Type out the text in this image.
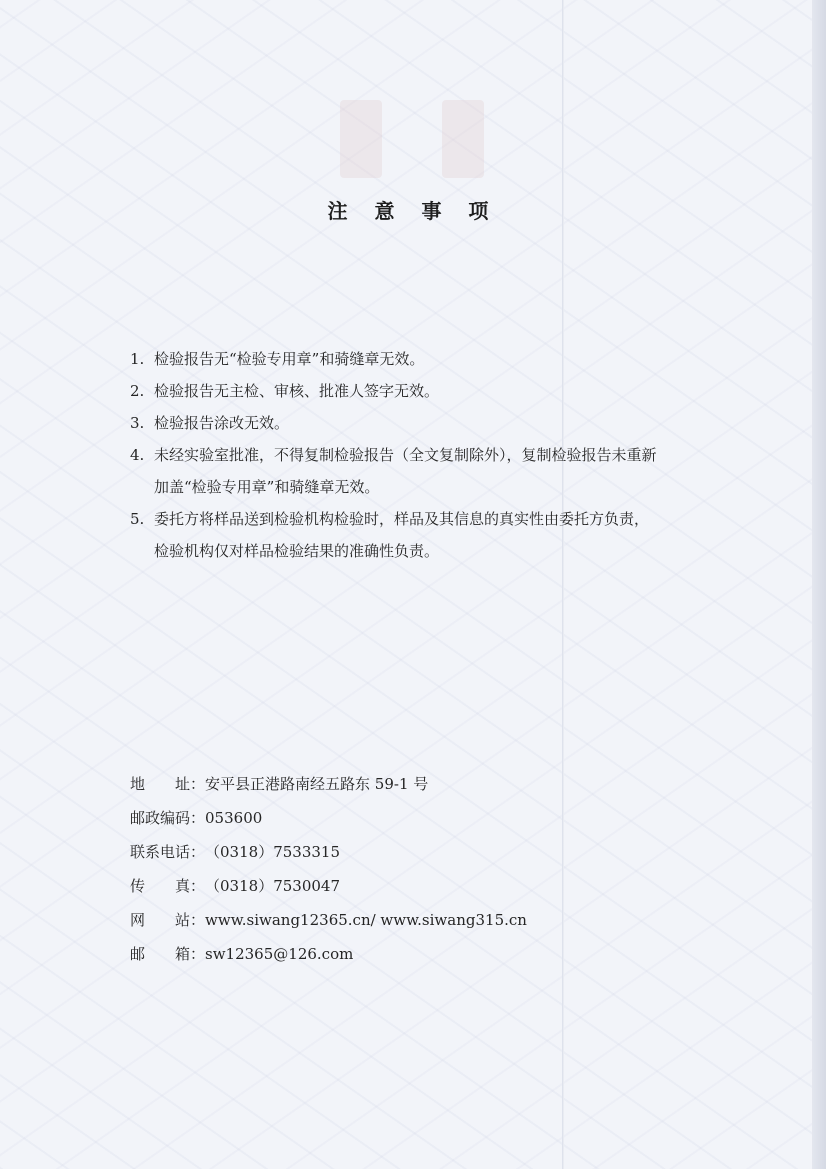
注 意 事 项
1. 检验报告无“检验专用章”和骑缝章无效。
2. 检验报告无主检、审核、批准人签字无效。
3. 检验报告涂改无效。
4. 未经实验室批准，不得复制检验报告（全文复制除外），复制检验报告未重新
加盖“检验专用章”和骑缝章无效。
5. 委托方将样品送到检验机构检验时，样品及其信息的真实性由委托方负责，
检验机构仅对样品检验结果的准确性负责。
地 址：安平县正港路南经五路东 59-1 号
邮政编码：053600
联系电话：（0318）7533315
传 真：（0318）7530047
网 站：www.siwang12365.cn/ www.siwang315.cn
邮 箱：sw12365@126.com
